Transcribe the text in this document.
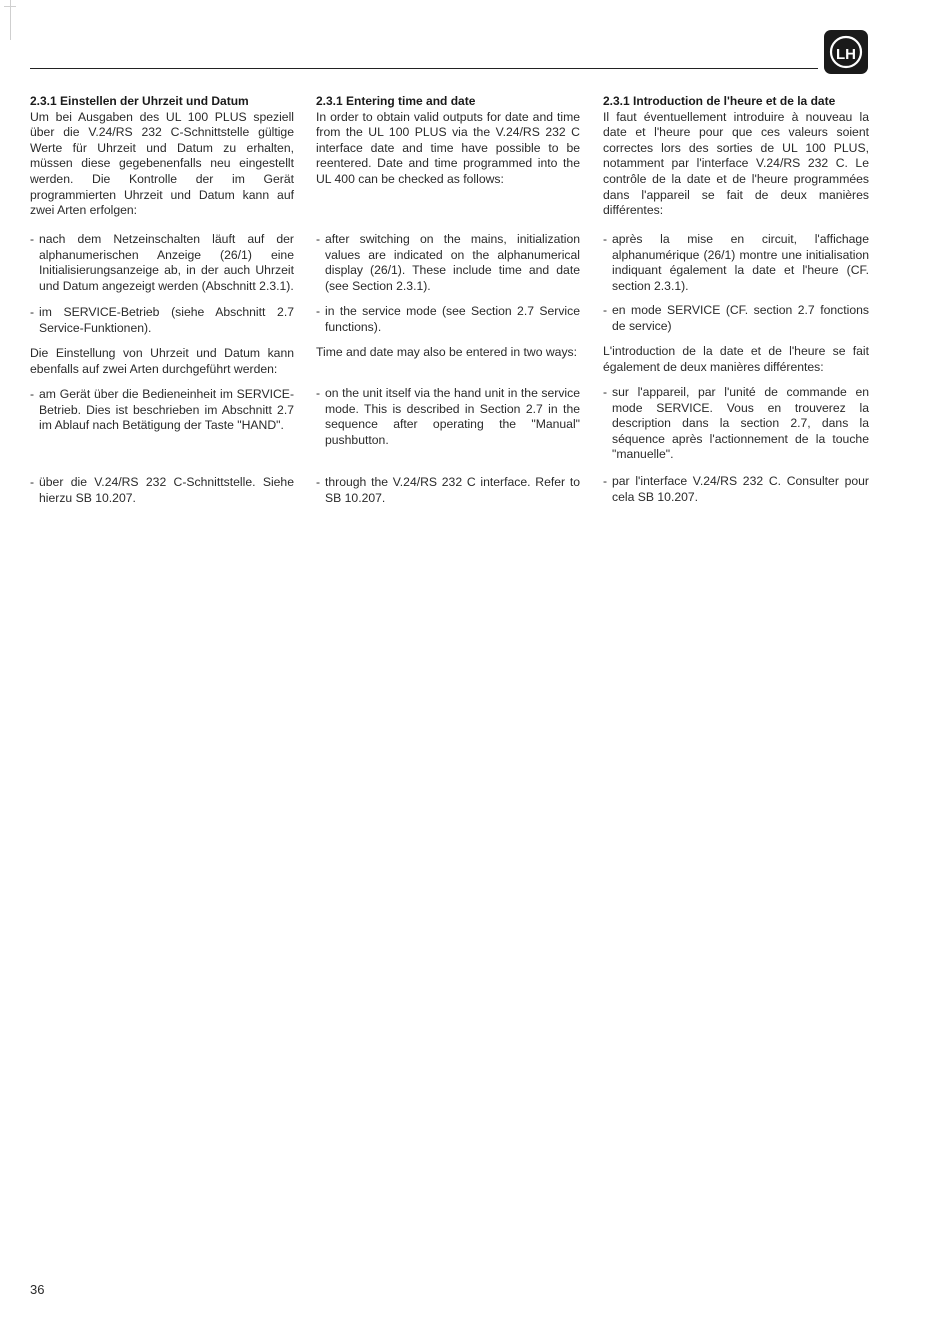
LH

2.3.1 Einstellen der Uhrzeit und Datum

Um bei Ausgaben des UL 100 PLUS speziell über die V.24/RS 232 C-Schnittstelle gültige Werte für Uhrzeit und Datum zu erhalten, müssen diese gegebenenfalls neu eingestellt werden. Die Kontrolle der im Gerät programmierten Uhrzeit und Datum kann auf zwei Arten erfolgen:

- nach dem Netzeinschalten läuft auf der alphanumerischen Anzeige (26/1) eine Initialisierungsanzeige ab, in der auch Uhrzeit und Datum angezeigt werden (Abschnitt 2.3.1).
- im SERVICE-Betrieb (siehe Abschnitt 2.7 Service-Funktionen).

Die Einstellung von Uhrzeit und Datum kann ebenfalls auf zwei Arten durchgeführt werden:

- am Gerät über die Bedieneinheit im SERVICE-Betrieb. Dies ist beschrieben im Abschnitt 2.7 im Ablauf nach Betätigung der Taste "HAND".
- über die V.24/RS 232 C-Schnittstelle. Siehe hierzu SB 10.207.

2.3.1 Entering time and date

In order to obtain valid outputs for date and time from the UL 100 PLUS via the V.24/RS 232 C interface date and time have possible to be reentered. Date and time programmed into the UL 400 can be checked as follows:

- after switching on the mains, initialization values are indicated on the alphanumerical display (26/1). These include time and date (see Section 2.3.1).
- in the service mode (see Section 2.7 Service functions).

Time and date may also be entered in two ways:

- on the unit itself via the hand unit in the service mode. This is described in Section 2.7 in the sequence after operating the "Manual" pushbutton.
- through the V.24/RS 232 C interface. Refer to SB 10.207.

2.3.1 Introduction de l'heure et de la date

Il faut éventuellement introduire à nouveau la date et l'heure pour que ces valeurs soient correctes lors des sorties de UL 100 PLUS, notamment par l'interface V.24/RS 232 C. Le contrôle de la date et de l'heure programmées dans l'appareil se fait de deux manières différentes:

- après la mise en circuit, l'affichage alphanumérique (26/1) montre une initialisation indiquant également la date et l'heure (CF. section 2.3.1).
- en mode SERVICE (CF. section 2.7 fonctions de service)

L'introduction de la date et de l'heure se fait également de deux manières différentes:

- sur l'appareil, par l'unité de commande en mode SERVICE. Vous en trouverez la description dans la section 2.7, dans la séquence après l'actionnement de la touche "manuelle".
- par l'interface V.24/RS 232 C. Consulter pour cela SB 10.207.
36
